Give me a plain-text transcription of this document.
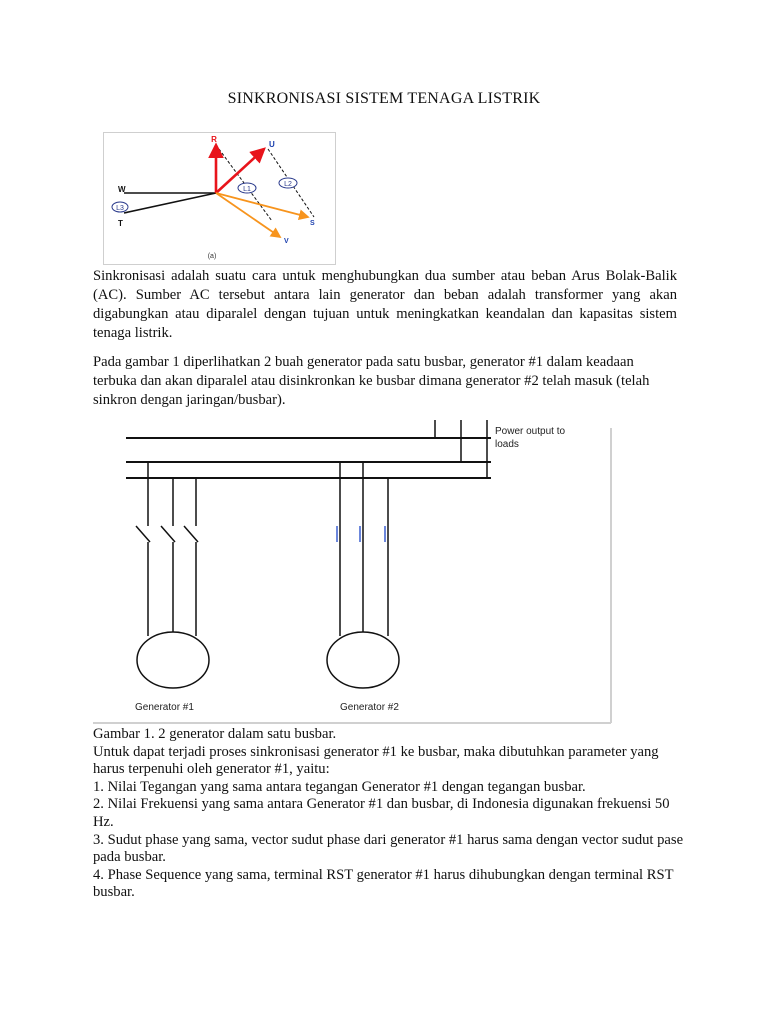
SINKRONISASI SISTEM TENAGA LISTRIK
L1
L2
L3
R
U
W
T	S
V
(a)
Sinkronisasi adalah suatu cara untuk menghubungkan dua sumber atau beban Arus Bolak-Balik (AC). Sumber AC tersebut antara lain generator dan beban adalah transformer yang akan digabungkan atau diparalel dengan tujuan untuk meningkatkan keandalan dan kapasitas sistem tenaga listrik.
Pada gambar 1 diperlihatkan 2 buah generator pada satu busbar, generator #1 dalam keadaan terbuka dan akan diparalel atau disinkronkan ke busbar dimana generator #2 telah masuk (telah sinkron dengan jaringan/busbar).
Power output to
loads
Generator #1	Generator #2
Gambar 1. 2 generator dalam satu busbar.
Untuk dapat terjadi proses sinkronisasi generator #1 ke busbar, maka dibutuhkan parameter yang harus terpenuhi oleh generator #1, yaitu:
1. Nilai Tegangan yang sama antara tegangan Generator #1 dengan tegangan busbar.
2. Nilai Frekuensi yang sama antara Generator #1 dan busbar, di Indonesia digunakan frekuensi 50 Hz.
3. Sudut phase yang sama, vector sudut phase dari generator #1 harus sama dengan vector sudut pase pada busbar.
4. Phase Sequence yang sama, terminal RST generator #1 harus dihubungkan dengan terminal RST busbar.
